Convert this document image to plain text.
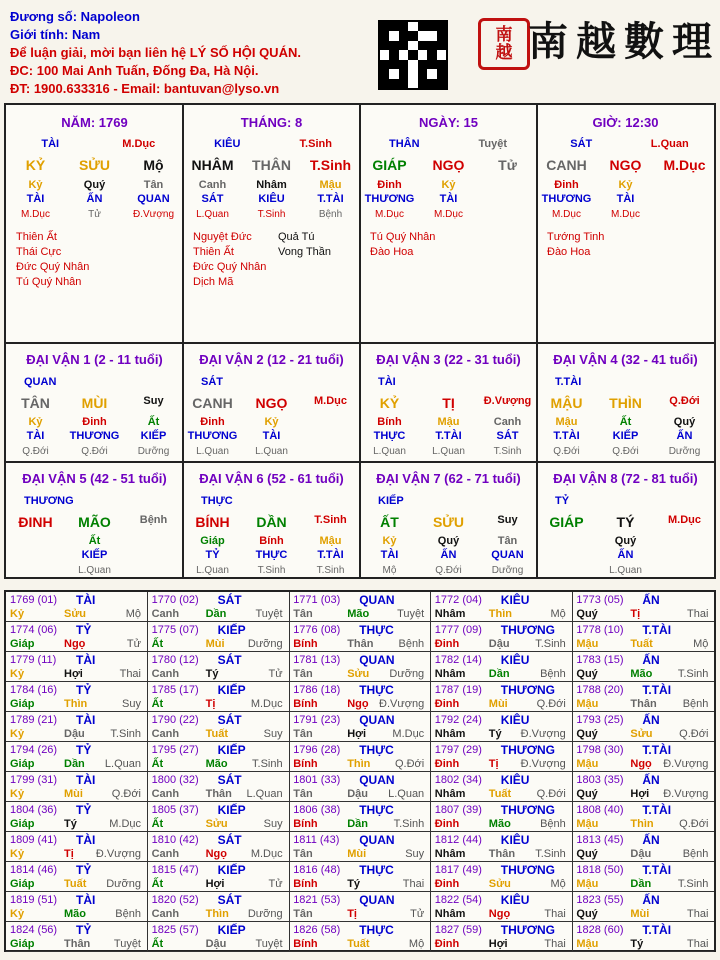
Đương số: Napoleon
Giới tính: Nam
Để luận giải, mời bạn liên hệ LÝ SỐ HỘI QUÁN.
ĐC: 100 Mai Anh Tuấn, Đống Đa, Hà Nội.
ĐT: 1900.633316 - Email: bantuvan@lyso.vn
南
越 南越數理
NĂM: 1769
TÀI	M.Dục
KỶ	SỬU	Mộ
Kỷ	Quý	Tân
TÀI	ẤN	QUAN
M.Dục	Tử	Đ.Vượng
Thiên Ất
Thái Cực
Đức Quý Nhân
Tú Quý Nhân
THÁNG: 8
KIÊU	T.Sinh
NHÂM	THÂN	T.Sinh
Canh	Nhâm	Mậu
SÁT	KIÊU	T.TÀI
L.Quan	T.Sinh	Bệnh
Nguyệt Đức
Thiên Ất
Đức Quý Nhân
Dịch Mã
Quả Tú
Vong Thần
NGÀY: 15
THÂN	Tuyệt
GIÁP	NGỌ	Tử
Đinh	Kỷ
THƯƠNG	TÀI
M.Dục	M.Dục
Tú Quý Nhân
Đào Hoa
GIỜ: 12:30
SÁT	L.Quan
CANH	NGỌ	M.Dục
Đinh	Kỷ
THƯƠNG	TÀI
M.Dục	M.Dục
Tướng Tinh
Đào Hoa
ĐẠI VẬN 1 (2 - 11 tuổi)
QUAN
TÂN	MÙI	Suy
Kỷ	Đinh	Ất
TÀI	THƯƠNG	KIẾP
Q.Đới	Q.Đới	Dưỡng
ĐẠI VẬN 2 (12 - 21 tuổi)
SÁT
CANH	NGỌ	M.Dục
Đinh	Kỷ
THƯƠNG	TÀI
L.Quan	L.Quan
ĐẠI VẬN 3 (22 - 31 tuổi)
TÀI
KỶ	TỊ	Đ.Vượng
Bính	Mậu	Canh
THỰC	T.TÀI	SÁT
L.Quan	L.Quan	T.Sinh
ĐẠI VẬN 4 (32 - 41 tuổi)
T.TÀI
MẬU	THÌN	Q.Đới
Mậu	Ất	Quý
T.TÀI	KIẾP	ẤN
Q.Đới	Q.Đới	Dưỡng
ĐẠI VẬN 5 (42 - 51 tuổi)
THƯƠNG
ĐINH	MÃO	Bệnh
Ất
KIẾP
L.Quan
ĐẠI VẬN 6 (52 - 61 tuổi)
THỰC
BÍNH	DẦN	T.Sinh
Giáp	Bính	Mậu
TỶ	THỰC	T.TÀI
L.Quan	T.Sinh	T.Sinh
ĐẠI VẬN 7 (62 - 71 tuổi)
KIẾP
ẤT	SỬU	Suy
Kỷ	Quý	Tân
TÀI	ẤN	QUAN
Mộ	Q.Đới	Dưỡng
ĐẠI VẬN 8 (72 - 81 tuổi)
TỶ
GIÁP	TÝ	M.Dục
Quý
ẤN
L.Quan
1769 (01) TÀI
Kỷ	Sửu	Mộ
1770 (02) SÁT
Canh Dần	Tuyệt
1771 (03) QUAN
Tân	Mão	Tuyệt
1772 (04) KIÊU
Nhâm Thìn	Mộ
1773 (05) ẤN
Quý	Tị	Thai
1774 (06) TỶ
Giáp	Ngọ	Tử
1775 (07) KIẾP
Ất	Mùi Dưỡng
1776 (08) THỰC
Bính	Thân Bệnh
1777 (09) THƯƠNG
Đinh	Dậu T.Sinh
1778 (10) T.TÀI
Mậu	Tuất	Mộ
1779 (11) TÀI
Kỷ	Hợi	Thai
1780 (12) SÁT
Canh Tý	Tử
1781 (13) QUAN
Tân	Sửu Dưỡng
1782 (14) KIÊU
Nhâm Dần	Bệnh
1783 (15) ẤN
Quý	Mão T.Sinh
1784 (16) TỶ
Giáp	Thìn	Suy
1785 (17) KIẾP
Ất	Tị	M.Dục
1786 (18) THỰC
Bính	Ngọ Đ.Vượng
1787 (19) THƯƠNG
Đinh	Mùi	Q.Đới
1788 (20) T.TÀI
Mậu	Thân Bệnh
1789 (21) TÀI
Kỷ	Dậu T.Sinh
1790 (22) SÁT
Canh Tuất	Suy
1791 (23) QUAN
Tân	Hợi M.Dục
1792 (24) KIÊU
Nhâm Tý Đ.Vượng
1793 (25) ẤN
Quý	Sửu Q.Đới
1794 (26) TỶ
Giáp	Dần L.Quan
1795 (27) KIẾP
Ất	Mão T.Sinh
1796 (28) THỰC
Bính	Thìn Q.Đới
1797 (29) THƯƠNG
Đinh	Tị Đ.Vượng
1798 (30) T.TÀI
Mậu	Ngọ Đ.Vượng
1799 (31) TÀI
Kỷ	Mùi	Q.Đới
1800 (32) SÁT
Canh Thân L.Quan
1801 (33) QUAN
Tân	Dậu L.Quan
1802 (34) KIÊU
Nhâm Tuất Q.Đới
1803 (35) ẤN
Quý	Hợi Đ.Vượng
1804 (36) TỶ
Giáp	Tý	M.Dục
1805 (37) KIẾP
Ất	Sửu	Suy
1806 (38) THỰC
Bính	Dần T.Sinh
1807 (39) THƯƠNG
Đinh	Mão	Bệnh
1808 (40) T.TÀI
Mậu	Thìn Q.Đới
1809 (41) TÀI
Kỷ	Tị Đ.Vượng
1810 (42) SÁT
Canh Ngọ M.Dục
1811 (43) QUAN
Tân	Mùi	Suy
1812 (44) KIÊU
Nhâm Thân T.Sinh
1813 (45) ẤN
Quý	Dậu	Bệnh
1814 (46) TỶ
Giáp	Tuất Dưỡng
1815 (47) KIẾP
Ất	Hợi	Tử
1816 (48) THỰC
Bính	Tý	Thai
1817 (49) THƯƠNG
Đinh	Sửu	Mộ
1818 (50) T.TÀI
Mậu	Dần T.Sinh
1819 (51) TÀI
Kỷ	Mão	Bệnh
1820 (52) SÁT
Canh Thìn Dưỡng
1821 (53) QUAN
Tân	Tị	Tử
1822 (54) KIÊU
Nhâm Ngọ	Thai
1823 (55) ẤN
Quý	Mùi	Thai
1824 (56) TỶ
Giáp	Thân Tuyệt
1825 (57) KIẾP
Ất	Dậu	Tuyệt
1826 (58) THỰC
Bính	Tuất	Mộ
1827 (59) THƯƠNG
Đinh	Hợi	Thai
1828 (60) T.TÀI
Mậu	Tý	Thai
